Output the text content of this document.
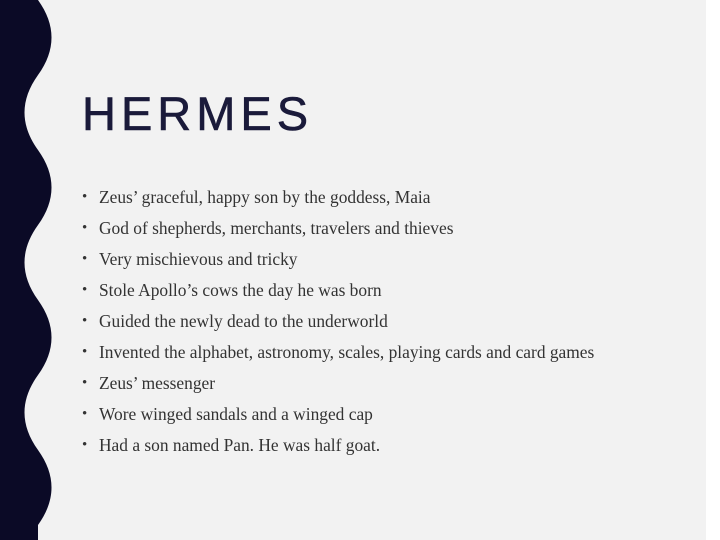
HERMES
• Zeus’ graceful, happy son by the goddess, Maia
• God of shepherds, merchants, travelers and thieves
• Very mischievous and tricky
• Stole Apollo’s cows the day he was born
• Guided the newly dead to the underworld
• Invented the alphabet, astronomy, scales, playing cards and card games
• Zeus’ messenger
• Wore winged sandals and a winged cap
• Had a son named Pan. He was half goat.
